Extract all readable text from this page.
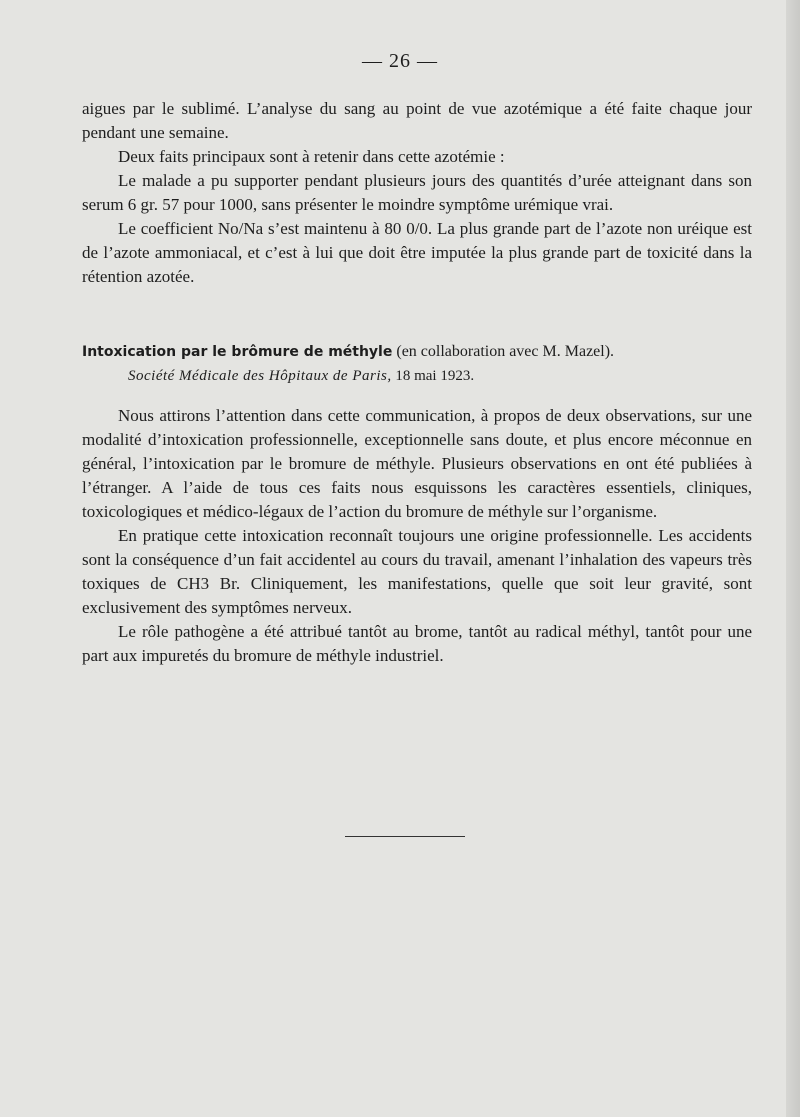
— 26 —

aigues par le sublimé. L’analyse du sang au point de vue azotémique a été faite chaque jour pendant une semaine.

Deux faits principaux sont à retenir dans cette azotémie :

Le malade a pu supporter pendant plusieurs jours des quantités d’urée atteignant dans son serum 6 gr. 57 pour 1000, sans présenter le moindre symptôme urémique vrai.

Le coefficient No/Na s’est maintenu à 80 0/0. La plus grande part de l’azote non uréique est de l’azote ammoniacal, et c’est à lui que doit être imputée la plus grande part de toxicité dans la rétention azotée.

Intoxication par le brômure de méthyle (en collaboration avec M. Mazel).
Société Médicale des Hôpitaux de Paris, 18 mai 1923.

Nous attirons l’attention dans cette communication, à propos de deux observations, sur une modalité d’intoxication professionnelle, exceptionnelle sans doute, et plus encore méconnue en général, l’intoxication par le bromure de méthyle. Plusieurs observations en ont été publiées à l’étranger. A l’aide de tous ces faits nous esquissons les caractères essentiels, cliniques, toxicologiques et médico-légaux de l’action du bromure de méthyle sur l’organisme.

En pratique cette intoxication reconnaît toujours une origine professionnelle. Les accidents sont la conséquence d’un fait accidentel au cours du travail, amenant l’inhalation des vapeurs très toxiques de CH3 Br. Cliniquement, les manifestations, quelle que soit leur gravité, sont exclusivement des symptômes nerveux.

Le rôle pathogène a été attribué tantôt au brome, tantôt au radical méthyl, tantôt pour une part aux impuretés du bromure de méthyle industriel.
